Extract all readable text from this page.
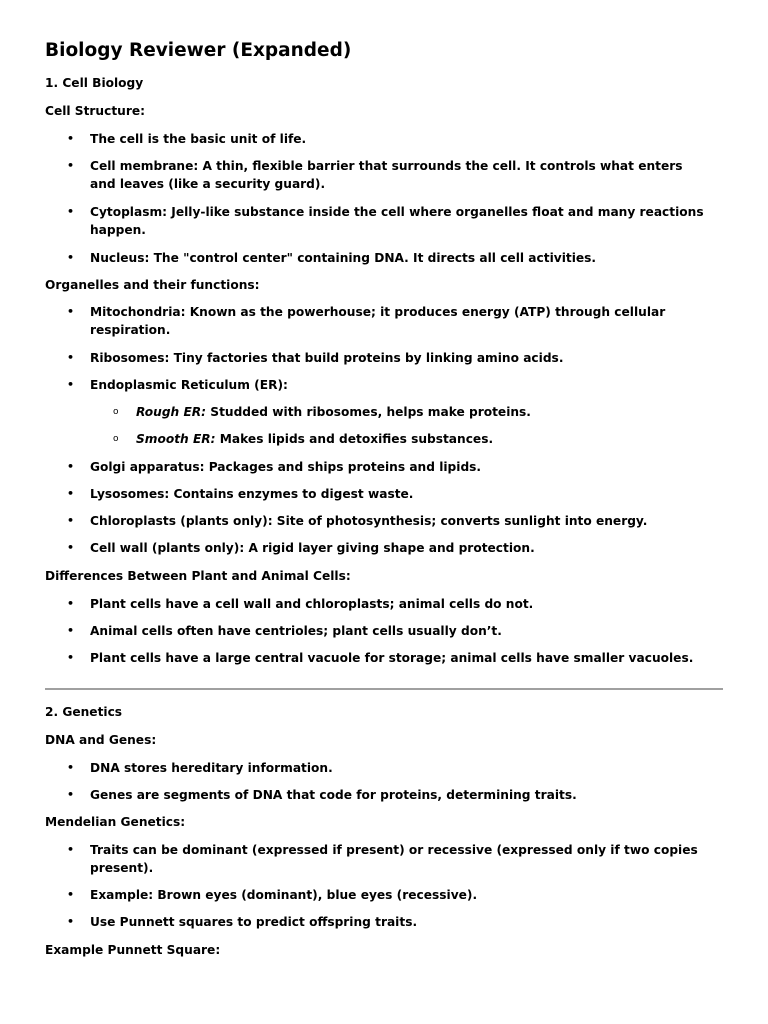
Biology Reviewer (Expanded)
1. Cell Biology
Cell Structure:
• The cell is the basic unit of life.
• Cell membrane: A thin, flexible barrier that surrounds the cell. It controls what enters and leaves (like a security guard).
• Cytoplasm: Jelly-like substance inside the cell where organelles float and many reactions happen.
• Nucleus: The "control center" containing DNA. It directs all cell activities.
Organelles and their functions:
• Mitochondria: Known as the powerhouse; it produces energy (ATP) through cellular respiration.
• Ribosomes: Tiny factories that build proteins by linking amino acids.
• Endoplasmic Reticulum (ER):
o Rough ER: Studded with ribosomes, helps make proteins.
o Smooth ER: Makes lipids and detoxifies substances.
• Golgi apparatus: Packages and ships proteins and lipids.
• Lysosomes: Contains enzymes to digest waste.
• Chloroplasts (plants only): Site of photosynthesis; converts sunlight into energy.
• Cell wall (plants only): A rigid layer giving shape and protection.
Differences Between Plant and Animal Cells:
• Plant cells have a cell wall and chloroplasts; animal cells do not.
• Animal cells often have centrioles; plant cells usually don’t.
• Plant cells have a large central vacuole for storage; animal cells have smaller vacuoles.
2. Genetics
DNA and Genes:
• DNA stores hereditary information.
• Genes are segments of DNA that code for proteins, determining traits.
Mendelian Genetics:
• Traits can be dominant (expressed if present) or recessive (expressed only if two copies present).
• Example: Brown eyes (dominant), blue eyes (recessive).
• Use Punnett squares to predict offspring traits.
Example Punnett Square:
